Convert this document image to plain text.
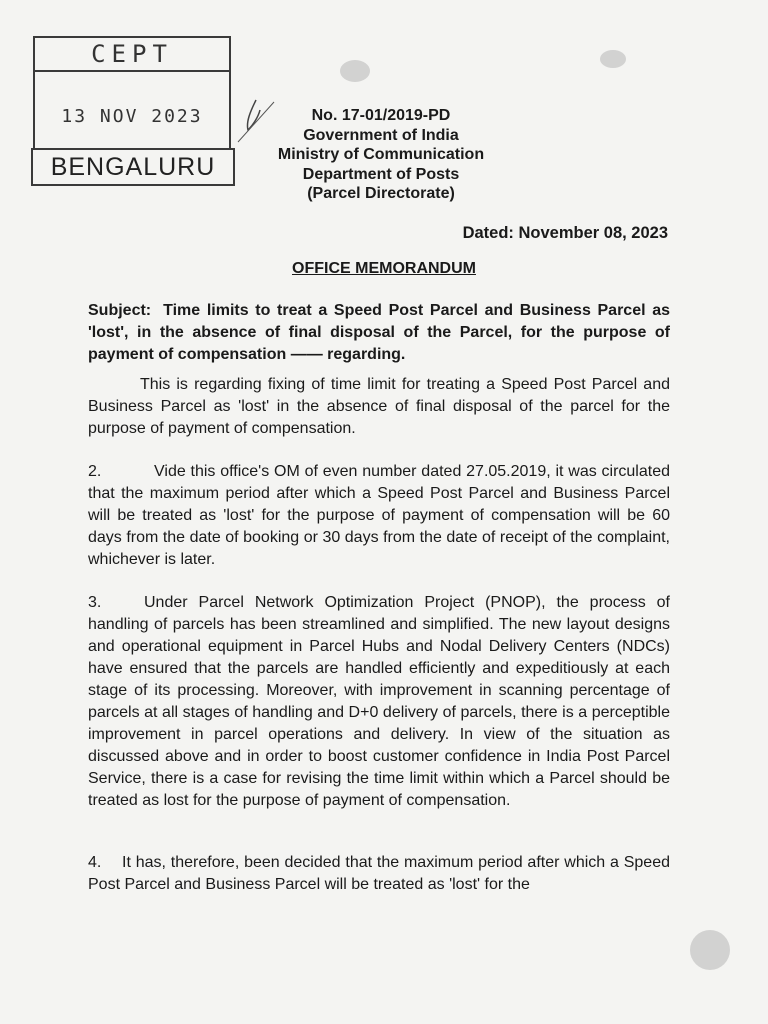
CEPT
13 NOV 2023
BENGALURU
No. 17-01/2019-PD
Government of India
Ministry of Communication
Department of Posts
(Parcel Directorate)
Dated: November 08, 2023
OFFICE MEMORANDUM
Subject: Time limits to treat a Speed Post Parcel and Business Parcel as 'lost', in the absence of final disposal of the Parcel, for the purpose of payment of compensation —— regarding.
This is regarding fixing of time limit for treating a Speed Post Parcel and Business Parcel as 'lost' in the absence of final disposal of the parcel for the purpose of payment of compensation.
2.	Vide this office's OM of even number dated 27.05.2019, it was circulated that the maximum period after which a Speed Post Parcel and Business Parcel will be treated as 'lost' for the purpose of payment of compensation will be 60 days from the date of booking or 30 days from the date of receipt of the complaint, whichever is later.
3.	Under Parcel Network Optimization Project (PNOP), the process of handling of parcels has been streamlined and simplified. The new layout designs and operational equipment in Parcel Hubs and Nodal Delivery Centers (NDCs) have ensured that the parcels are handled efficiently and expeditiously at each stage of its processing. Moreover, with improvement in scanning percentage of parcels at all stages of handling and D+0 delivery of parcels, there is a perceptible improvement in parcel operations and delivery. In view of the situation as discussed above and in order to boost customer confidence in India Post Parcel Service, there is a case for revising the time limit within which a Parcel should be treated as lost for the purpose of payment of compensation.
4. It has, therefore, been decided that the maximum period after which a Speed Post Parcel and Business Parcel will be treated as 'lost' for the
